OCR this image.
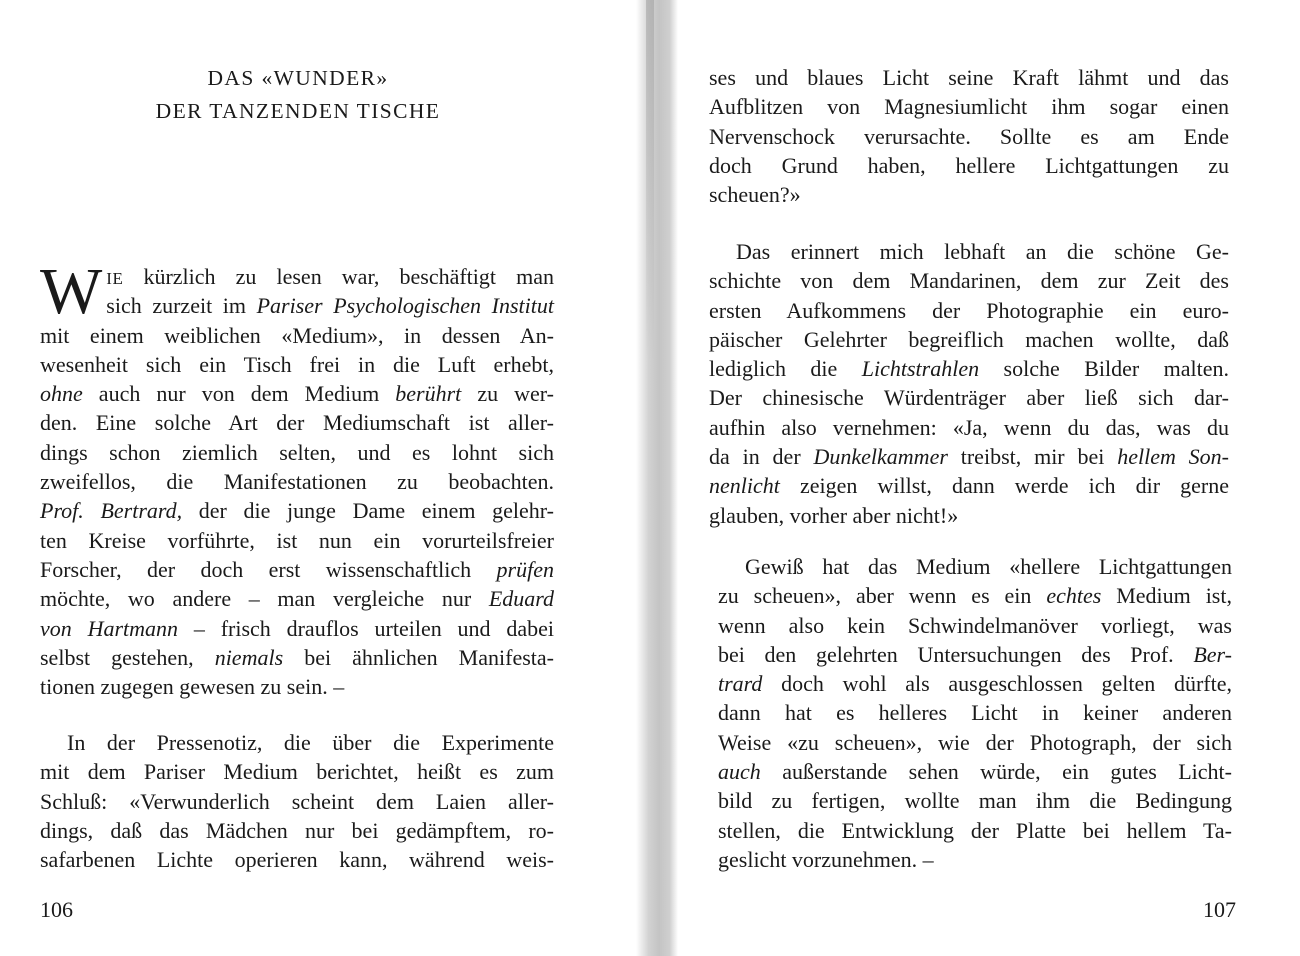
DAS «WUNDER»
DER TANZENDEN TISCHE
W IE kürzlich zu lesen war, beschäftigt man
sich zurzeit im Pariser Psychologischen Institut
mit einem weiblichen «Medium», in dessen An-
wesenheit sich ein Tisch frei in die Luft erhebt,
ohne auch nur von dem Medium berührt zu wer-
den. Eine solche Art der Mediumschaft ist aller-
dings schon ziemlich selten, und es lohnt sich
zweifellos, die Manifestationen zu beobachten.
Prof. Bertrard, der die junge Dame einem gelehr-
ten Kreise vorführte, ist nun ein vorurteilsfreier
Forscher, der doch erst wissenschaftlich prüfen
möchte, wo andere – man vergleiche nur Eduard
von Hartmann – frisch drauflos urteilen und dabei
selbst gestehen, niemals bei ähnlichen Manifesta-
tionen zugegen gewesen zu sein. –
In der Pressenotiz, die über die Experimente
mit dem Pariser Medium berichtet, heißt es zum
Schluß: «Verwunderlich scheint dem Laien aller-
dings, daß das Mädchen nur bei gedämpftem, ro-
safarbenen Lichte operieren kann, während weis-
106
ses und blaues Licht seine Kraft lähmt und das
Aufblitzen von Magnesiumlicht ihm sogar einen
Nervenschock verursachte. Sollte es am Ende
doch Grund haben, hellere Lichtgattungen zu
scheuen?»
Das erinnert mich lebhaft an die schöne Ge-
schichte von dem Mandarinen, dem zur Zeit des
ersten Aufkommens der Photographie ein euro-
päischer Gelehrter begreiflich machen wollte, daß
lediglich die Lichtstrahlen solche Bilder malten.
Der chinesische Würdenträger aber ließ sich dar-
aufhin also vernehmen: «Ja, wenn du das, was du
da in der Dunkelkammer treibst, mir bei hellem Son-
nenlicht zeigen willst, dann werde ich dir gerne
glauben, vorher aber nicht!»
Gewiß hat das Medium «hellere Lichtgattungen
zu scheuen», aber wenn es ein echtes Medium ist,
wenn also kein Schwindelmanöver vorliegt, was
bei den gelehrten Untersuchungen des Prof. Ber-
trard doch wohl als ausgeschlossen gelten dürfte,
dann hat es helleres Licht in keiner anderen
Weise «zu scheuen», wie der Photograph, der sich
auch außerstande sehen würde, ein gutes Licht-
bild zu fertigen, wollte man ihm die Bedingung
stellen, die Entwicklung der Platte bei hellem Ta-
geslicht vorzunehmen. –
107
